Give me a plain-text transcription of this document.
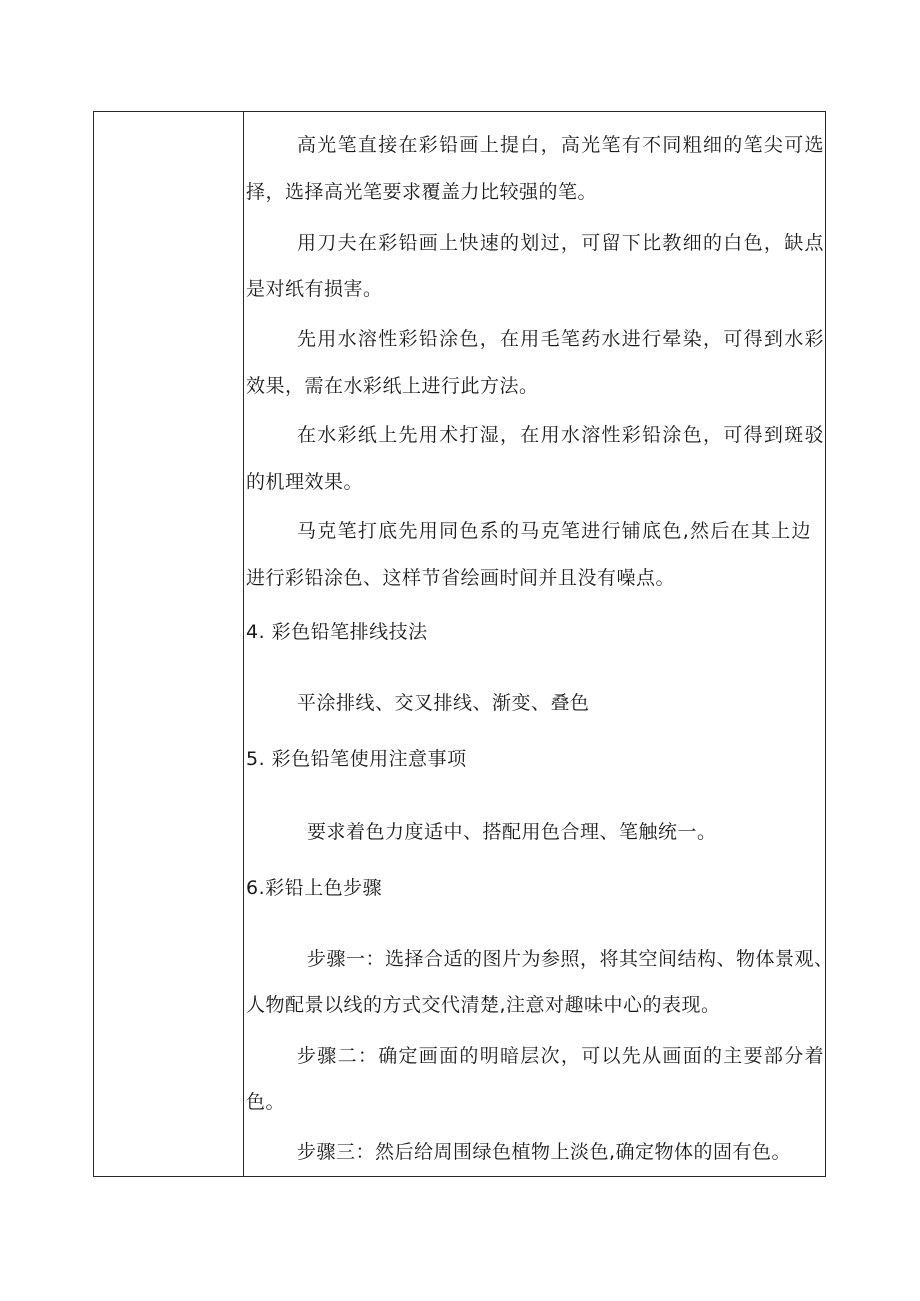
高光笔直接在彩铅画上提白，高光笔有不同粗细的笔尖可选
择，选择高光笔要求覆盖力比较强的笔。
用刀夫在彩铅画上快速的划过，可留下比教细的白色，缺点
是对纸有损害。
先用水溶性彩铅涂色，在用毛笔药水进行晕染，可得到水彩
效果，需在水彩纸上进行此方法。
在水彩纸上先用术打湿，在用水溶性彩铅涂色，可得到斑驳
的机理效果。
马克笔打底先用同色系的马克笔进行铺底色,然后在其上边
进行彩铅涂色、这样节省绘画时间并且没有噪点。
4. 彩色铅笔排线技法
平涂排线、交叉排线、渐变、叠色
5. 彩色铅笔使用注意事项
要求着色力度适中、搭配用色合理、笔触统一。
6.彩铅上色步骤
步骤一：选择合适的图片为参照，将其空间结构、物体景观、
人物配景以线的方式交代清楚,注意对趣味中心的表现。
步骤二：确定画面的明暗层次，可以先从画面的主要部分着
色。
步骤三：然后给周围绿色植物上淡色,确定物体的固有色。
